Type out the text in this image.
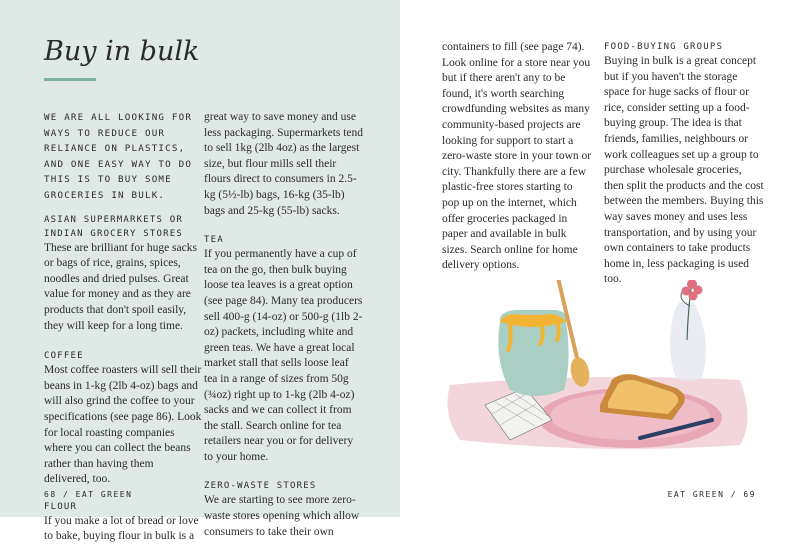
Buy in bulk

WE ARE ALL LOOKING FOR WAYS TO REDUCE OUR RELIANCE ON PLASTICS, AND ONE EASY WAY TO DO THIS IS TO BUY SOME GROCERIES IN BULK.

ASIAN SUPERMARKETS OR INDIAN GROCERY STORES

These are brilliant for huge sacks or bags of rice, grains, spices, noodles and dried pulses. Great value for money and as they are products that don't spoil easily, they will keep for a long time.

COFFEE

Most coffee roasters will sell their beans in 1-kg (2lb 4-oz) bags and will also grind the coffee to your specifications (see page 86). Look for local roasting companies where you can collect the beans rather than having them delivered, too.

FLOUR

If you make a lot of bread or love to bake, buying flour in bulk is a

great way to save money and use less packaging. Supermarkets tend to sell 1kg (2lb 4oz) as the largest size, but flour mills sell their flours direct to consumers in 2.5-kg (5½-lb) bags, 16-kg (35-lb) bags and 25-kg (55-lb) sacks.

TEA

If you permanently have a cup of tea on the go, then bulk buying loose tea leaves is a great option (see page 84). Many tea producers sell 400-g (14-oz) or 500-g (1lb 2-oz) packets, including white and green teas. We have a great local market stall that sells loose leaf tea in a range of sizes from 50g (¾oz) right up to 1-kg (2lb 4-oz) sacks and we can collect it from the stall. Search online for tea retailers near you or for delivery to your home.

ZERO-WASTE STORES

We are starting to see more zero-waste stores opening which allow consumers to take their own

68 / EAT GREEN

containers to fill (see page 74). Look online for a store near you but if there aren't any to be found, it's worth searching crowdfunding websites as many community-based projects are looking for support to start a zero-waste store in your town or city. Thankfully there are a few plastic-free stores starting to pop up on the internet, which offer groceries packaged in paper and available in bulk sizes. Search online for home delivery options.

FOOD-BUYING GROUPS

Buying in bulk is a great concept but if you haven't the storage space for huge sacks of flour or rice, consider setting up a food-buying group. The idea is that friends, families, neighbours or work colleagues set up a group to purchase wholesale groceries, then split the products and the cost between the members. Buying this way saves money and uses less transportation, and by using your own containers to take products home in, less packaging is used too.

EAT GREEN / 69
